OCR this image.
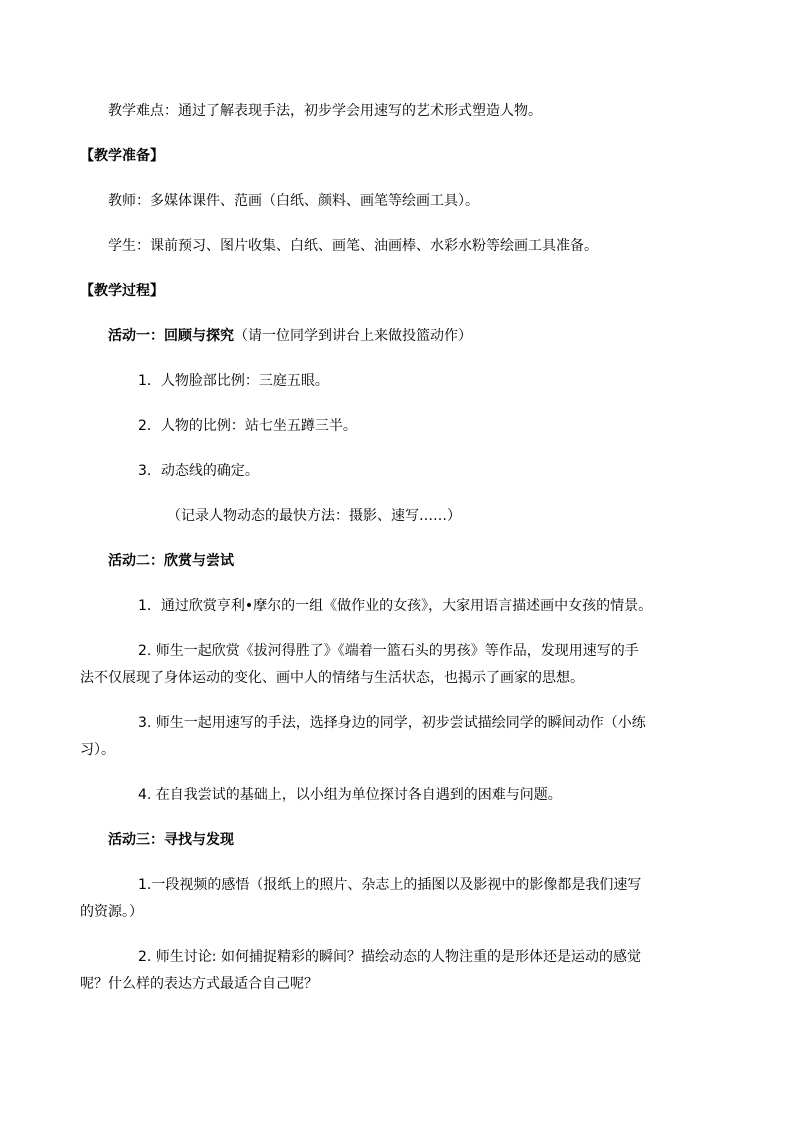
教学难点：通过了解表现手法，初步学会用速写的艺术形式塑造人物。
【教学准备】
教师：多媒体课件、范画（白纸、颜料、画笔等绘画工具）。
学生：课前预习、图片收集、白纸、画笔、油画棒、水彩水粉等绘画工具准备。
【教学过程】
活动一：回顾与探究（请一位同学到讲台上来做投篮动作）
1．人物脸部比例：三庭五眼。
2．人物的比例：站七坐五蹲三半。
3．动态线的确定。
（记录人物动态的最快方法：摄影、速写……）
活动二：欣赏与尝试
1．通过欣赏亨利•摩尔的一组《做作业的女孩》，大家用语言描述画中女孩的情景。
2. 师生一起欣赏《拔河得胜了》《端着一篮石头的男孩》等作品，发现用速写的手
法不仅展现了身体运动的变化、画中人的情绪与生活状态，也揭示了画家的思想。
3. 师生一起用速写的手法，选择身边的同学，初步尝试描绘同学的瞬间动作（小练
习）。
4. 在自我尝试的基础上，以小组为单位探讨各自遇到的困难与问题。
活动三：寻找与发现
1.一段视频的感悟（报纸上的照片、杂志上的插图以及影视中的影像都是我们速写
的资源。）
2. 师生讨论: 如何捕捉精彩的瞬间？描绘动态的人物注重的是形体还是运动的感觉
呢？什么样的表达方式最适合自己呢？
